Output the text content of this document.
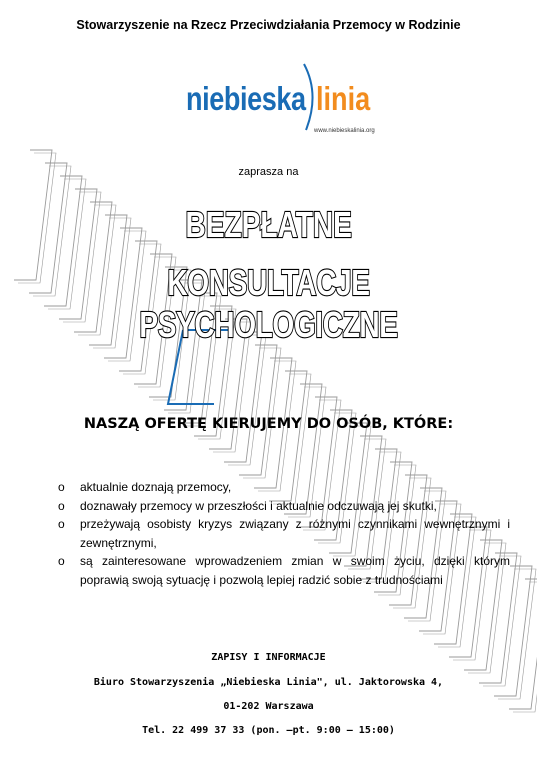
Stowarzyszenie na Rzecz Przeciwdziałania Przemocy w Rodzinie
niebieska linia
www.niebieskalinia.org
zaprasza na
BEZPŁATNE
KONSULTACJE PSYCHOLOGICZNE
NASZĄ OFERTĘ KIERUJEMY DO OSÓB, KTÓRE:
o aktualnie doznają przemocy,
o doznawały przemocy w przeszłości i aktualnie odczuwają jej skutki,
o przeżywają osobisty kryzys związany z różnymi czynnikami wewnętrznymi i zewnętrznymi,
o są zainteresowane wprowadzeniem zmian w swoim życiu, dzięki którym poprawią swoją sytuację i pozwolą lepiej radzić sobie z trudnościami
ZAPISY I INFORMACJE
Biuro Stowarzyszenia „Niebieska Linia", ul. Jaktorowska 4,
01-202 Warszawa
Tel. 22 499 37 33 (pon. –pt. 9:00 – 15:00)
